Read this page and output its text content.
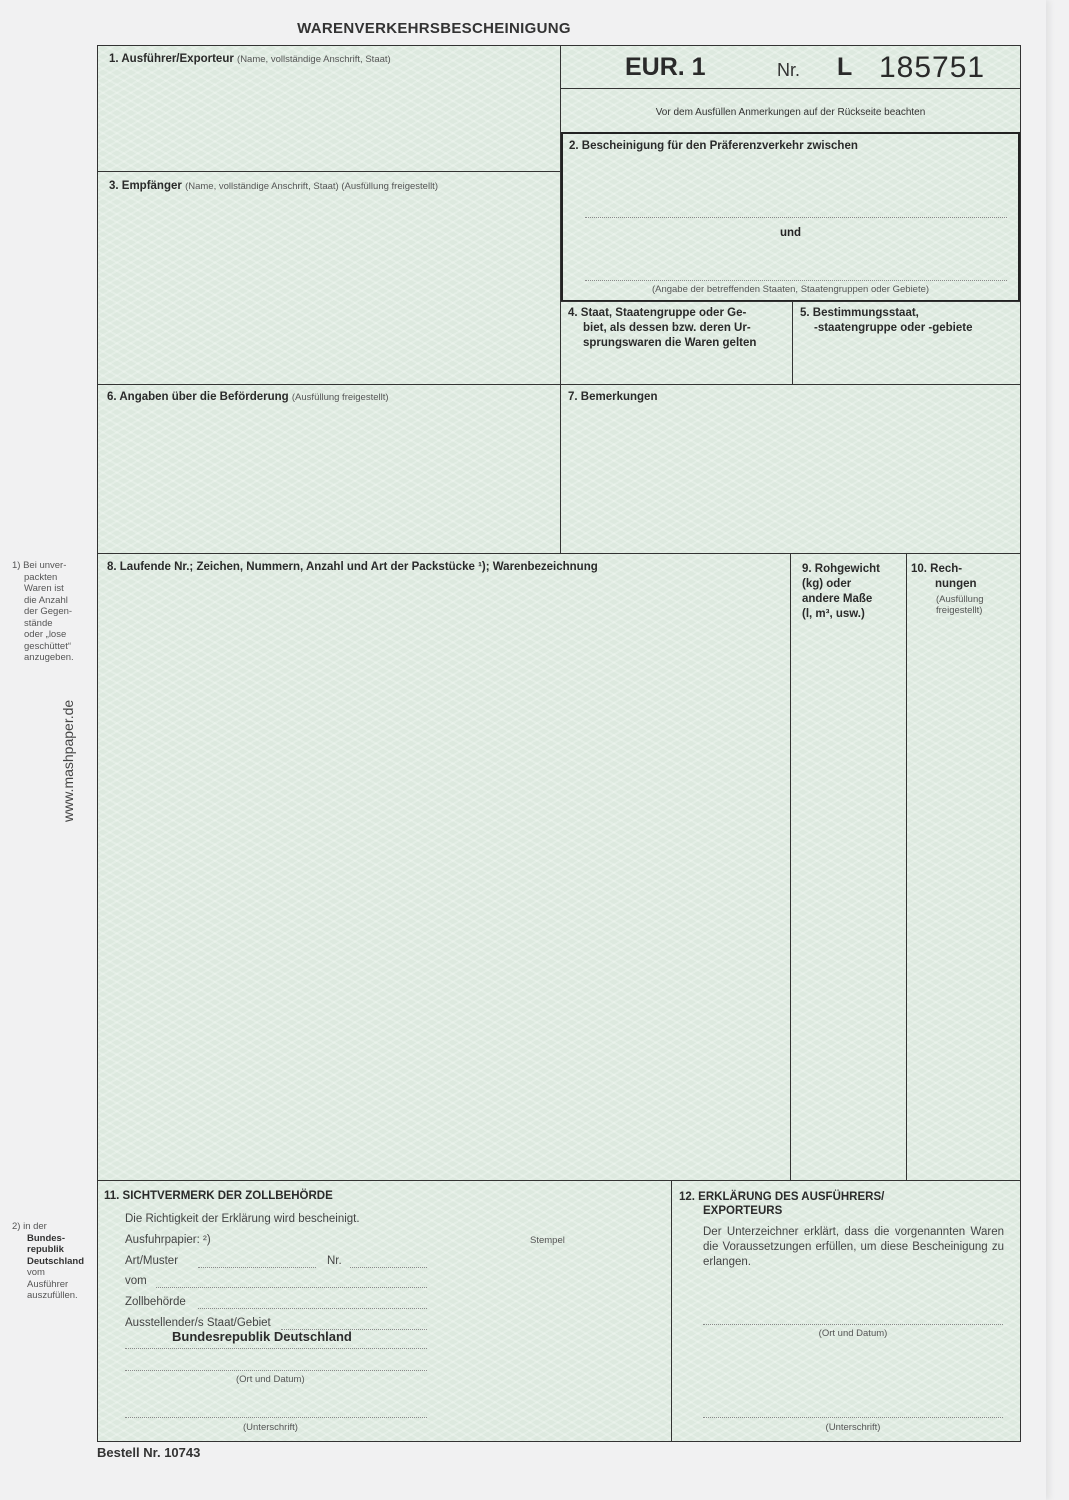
WARENVERKEHRSBESCHEINIGUNG
1. Ausführer/Exporteur (Name, vollständige Anschrift, Staat)	EUR. 1	Nr. L 185751
Vor dem Ausfüllen Anmerkungen auf der Rückseite beachten
2. Bescheinigung für den Präferenzverkehr zwischen
und
(Angabe der betreffenden Staaten, Staatengruppen oder Gebiete)
3. Empfänger (Name, vollständige Anschrift, Staat) (Ausfüllung freigestellt)
4. Staat, Staatengruppe oder Ge-
biet, als dessen bzw. deren Ur-
sprungswaren die Waren gelten
5. Bestimmungsstaat,
-staatengruppe oder -gebiete
6. Angaben über die Beförderung (Ausfüllung freigestellt)	7. Bemerkungen
8. Laufende Nr.; Zeichen, Nummern, Anzahl und Art der Packstücke ¹); Warenbezeichnung	9. Rohgewicht
(kg) oder
andere Maße
(l, m³, usw.)
10. Rech-
nungen
(Ausfüllung
freigestellt)
11. SICHTVERMERK DER ZOLLBEHÖRDE
Die Richtigkeit der Erklärung wird bescheinigt.
Ausfuhrpapier: ²)	Stempel
Art/Muster	Nr.
vom
Zollbehörde
Ausstellender/s Staat/Gebiet
Bundesrepublik Deutschland
(Ort und Datum)
(Unterschrift)
12. ERKLÄRUNG DES AUSFÜHRERS/
EXPORTEURS
Der Unterzeichner erklärt, dass die vorgenannten Waren die Voraussetzungen erfüllen, um diese Bescheinigung zu erlangen.
(Ort und Datum)
(Unterschrift)
Bestell Nr. 10743
1) Bei unver-
packten
Waren ist
die Anzahl
der Gegen-
stände
oder „lose
geschüttet“
anzugeben.
www.mashpaper.de
2) in der
Bundes-
republik
Deutschland
vom
Ausführer
auszufüllen.
